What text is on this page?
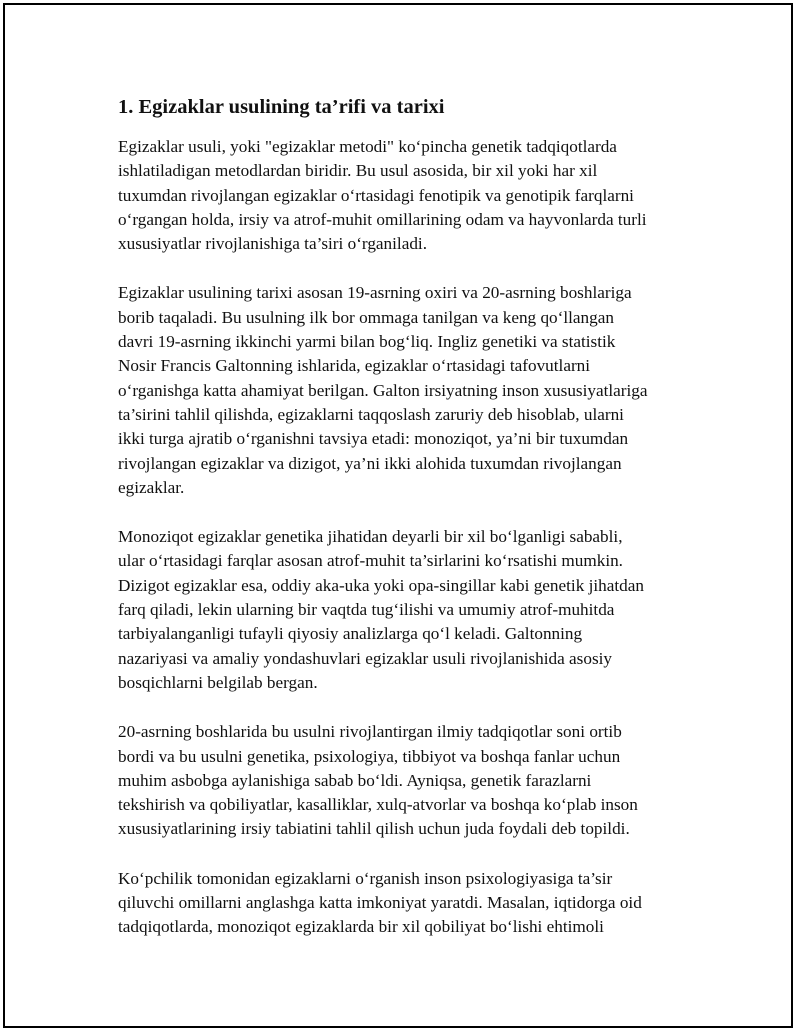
1. Egizaklar usulining ta’rifi va tarixi
Egizaklar usuli, yoki "egizaklar metodi" ko‘pincha genetik tadqiqotlarda
ishlatiladigan metodlardan biridir. Bu usul asosida, bir xil yoki har xil
tuxumdan rivojlangan egizaklar o‘rtasidagi fenotipik va genotipik farqlarni
o‘rgangan holda, irsiy va atrof-muhit omillarining odam va hayvonlarda turli
xususiyatlar rivojlanishiga ta’siri o‘rganiladi.
Egizaklar usulining tarixi asosan 19-asrning oxiri va 20-asrning boshlariga
borib taqaladi. Bu usulning ilk bor ommaga tanilgan va keng qo‘llangan
davri 19-asrning ikkinchi yarmi bilan bog‘liq. Ingliz genetiki va statistik
Nosir Francis Galtonning ishlarida, egizaklar o‘rtasidagi tafovutlarni
o‘rganishga katta ahamiyat berilgan. Galton irsiyatning inson xususiyatlariga
ta’sirini tahlil qilishda, egizaklarni taqqoslash zaruriy deb hisoblab, ularni
ikki turga ajratib o‘rganishni tavsiya etadi: monoziqot, ya’ni bir tuxumdan
rivojlangan egizaklar va dizigot, ya’ni ikki alohida tuxumdan rivojlangan
egizaklar.
Monoziqot egizaklar genetika jihatidan deyarli bir xil bo‘lganligi sababli,
ular o‘rtasidagi farqlar asosan atrof-muhit ta’sirlarini ko‘rsatishi mumkin.
Dizigot egizaklar esa, oddiy aka-uka yoki opa-singillar kabi genetik jihatdan
farq qiladi, lekin ularning bir vaqtda tug‘ilishi va umumiy atrof-muhitda
tarbiyalanganligi tufayli qiyosiy analizlarga qo‘l keladi. Galtonning
nazariyasi va amaliy yondashuvlari egizaklar usuli rivojlanishida asosiy
bosqichlarni belgilab bergan.
20-asrning boshlarida bu usulni rivojlantirgan ilmiy tadqiqotlar soni ortib
bordi va bu usulni genetika, psixologiya, tibbiyot va boshqa fanlar uchun
muhim asbobga aylanishiga sabab bo‘ldi. Ayniqsa, genetik farazlarni
tekshirish va qobiliyatlar, kasalliklar, xulq-atvorlar va boshqa ko‘plab inson
xususiyatlarining irsiy tabiatini tahlil qilish uchun juda foydali deb topildi.
Ko‘pchilik tomonidan egizaklarni o‘rganish inson psixologiyasiga ta’sir
qiluvchi omillarni anglashga katta imkoniyat yaratdi. Masalan, iqtidorga oid
tadqiqotlarda, monoziqot egizaklarda bir xil qobiliyat bo‘lishi ehtimoli
